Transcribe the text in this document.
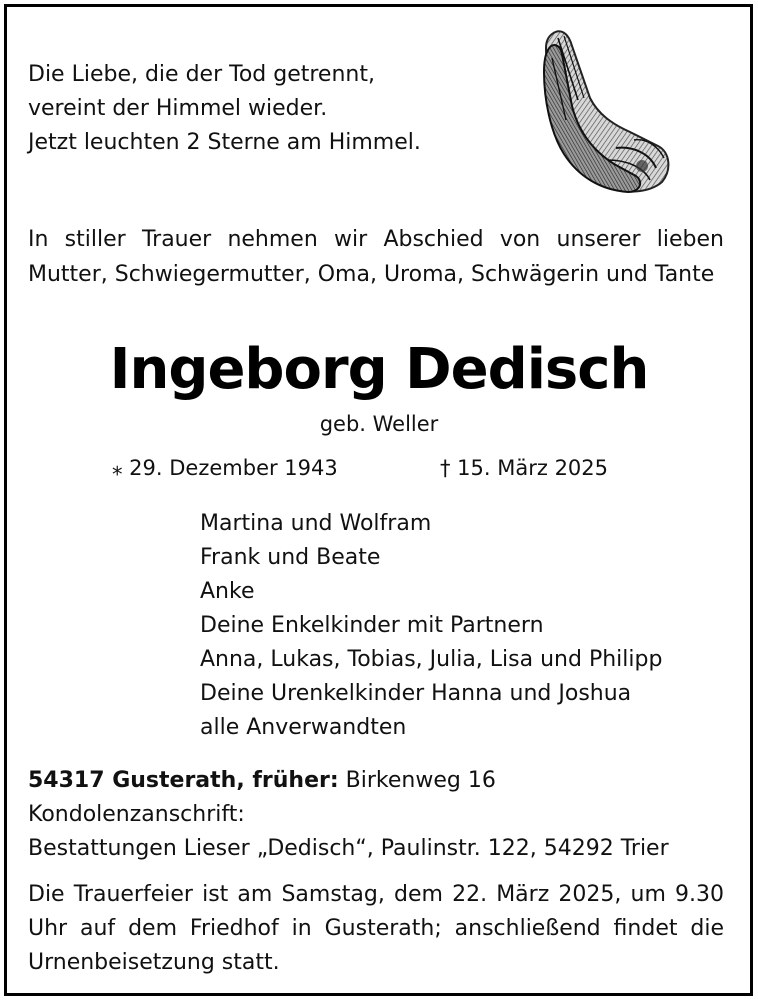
Die Liebe, die der Tod getrennt,
vereint der Himmel wieder.
Jetzt leuchten 2 Sterne am Himmel.

In stiller Trauer nehmen wir Abschied von unserer lieben Mutter, Schwiegermutter, Oma, Uroma, Schwägerin und Tante

Ingeborg Dedisch
geb. Weller
⁎ 29. Dezember 1943	† 15. März 2025
Martina und Wolfram
Frank und Beate
Anke
Deine Enkelkinder mit Partnern
Anna, Lukas, Tobias, Julia, Lisa und Philipp
Deine Urenkelkinder Hanna und Joshua
alle Anverwandten
54317 Gusterath, früher: Birkenweg 16
Kondolenzanschrift:
Bestattungen Lieser „Dedisch“, Paulinstr. 122, 54292 Trier

Die Trauerfeier ist am Samstag, dem 22. März 2025, um 9.30 Uhr auf dem Friedhof in Gusterath; anschließend findet die Urnenbeisetzung statt.
